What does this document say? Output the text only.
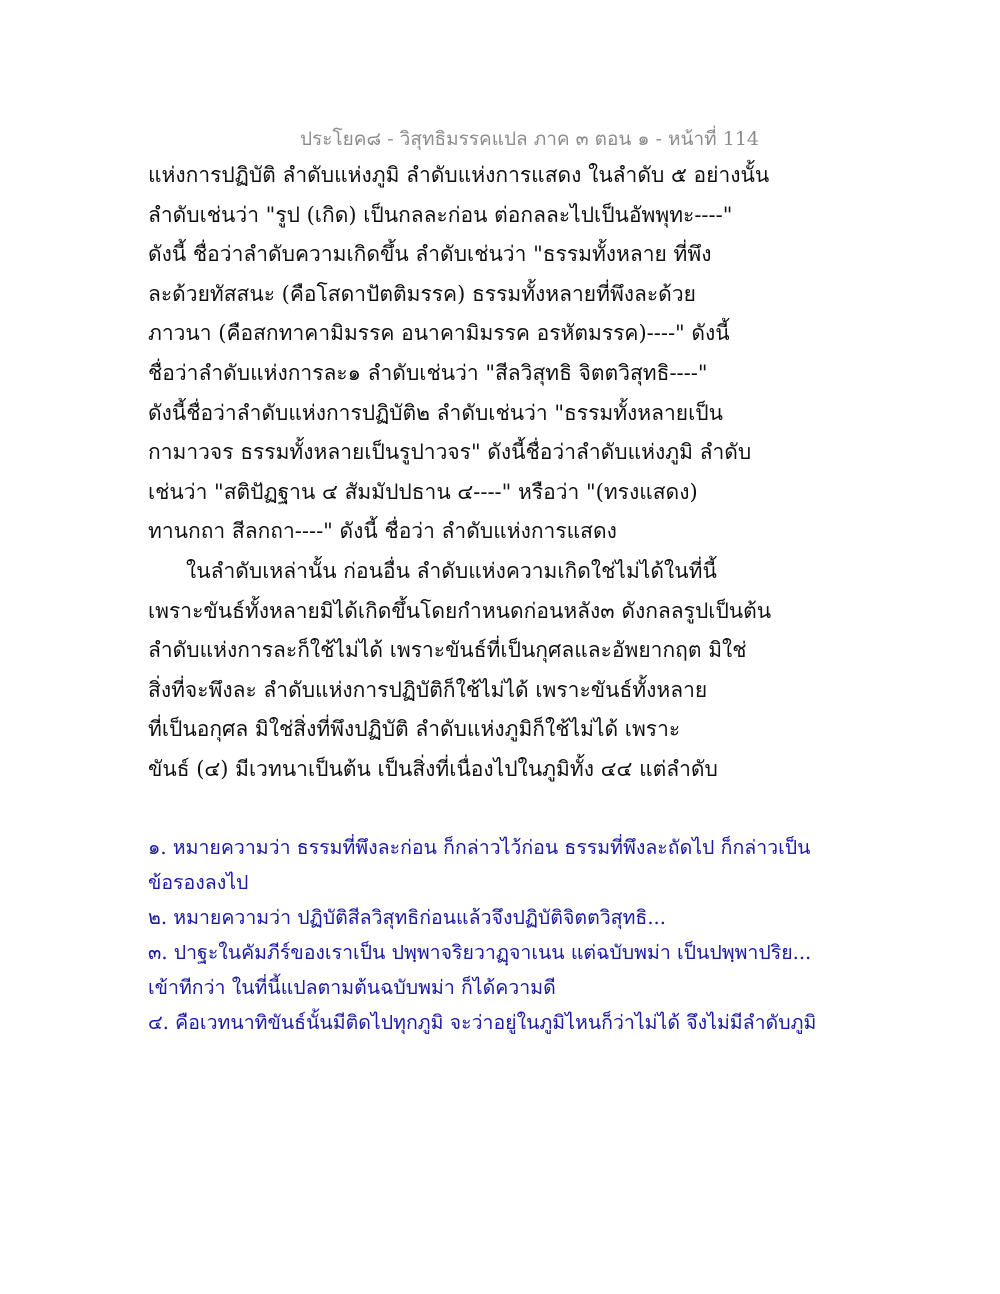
ประโยค๘ - วิสุทธิมรรคแปล ภาค ๓ ตอน ๑ - หน้าที่ 114
แห่งการปฏิบัติ ลำดับแห่งภูมิ ลำดับแห่งการแสดง ในลำดับ ๕ อย่างนั้น
ลำดับเช่นว่า "รูป (เกิด) เป็นกลละก่อน ต่อกลละไปเป็นอัพพุทะ----"
ดังนี้ ชื่อว่าลำดับความเกิดขึ้น ลำดับเช่นว่า "ธรรมทั้งหลาย ที่พึง
ละด้วยทัสสนะ (คือโสดาปัตติมรรค) ธรรมทั้งหลายที่พึงละด้วย
ภาวนา (คือสกทาคามิมรรค อนาคามิมรรค อรหัตมรรค)----" ดังนี้
ชื่อว่าลำดับแห่งการละ๑ ลำดับเช่นว่า "สีลวิสุทธิ จิตตวิสุทธิ----"
ดังนี้ชื่อว่าลำดับแห่งการปฏิบัติ๒ ลำดับเช่นว่า "ธรรมทั้งหลายเป็น
กามาวจร ธรรมทั้งหลายเป็นรูปาวจร" ดังนี้ชื่อว่าลำดับแห่งภูมิ ลำดับ
เช่นว่า "สติปัฏฐาน ๔ สัมมัปปธาน ๔----" หรือว่า "(ทรงแสดง)
ทานกถา สีลกถา----" ดังนี้ ชื่อว่า ลำดับแห่งการแสดง
ในลำดับเหล่านั้น ก่อนอื่น ลำดับแห่งความเกิดใช่ไม่ได้ในที่นี้
เพราะขันธ์ทั้งหลายมิได้เกิดขึ้นโดยกำหนดก่อนหลัง๓ ดังกลลรูปเป็นต้น
ลำดับแห่งการละก็ใช้ไม่ได้ เพราะขันธ์ที่เป็นกุศลและอัพยากฤต มิใช่
สิ่งที่จะพึงละ ลำดับแห่งการปฏิบัติก็ใช้ไม่ได้ เพราะขันธ์ทั้งหลาย
ที่เป็นอกุศล มิใช่สิ่งที่พึงปฏิบัติ ลำดับแห่งภูมิก็ใช้ไม่ได้ เพราะ
ขันธ์ (๔) มีเวทนาเป็นต้น เป็นสิ่งที่เนื่องไปในภูมิทั้ง ๔๔ แต่ลำดับ
๑. หมายความว่า ธรรมที่พึงละก่อน ก็กล่าวไว้ก่อน ธรรมที่พึงละถัดไป ก็กล่าวเป็น
ข้อรองลงไป
๒. หมายความว่า ปฏิบัติสีลวิสุทธิก่อนแล้วจึงปฏิบัติจิตตวิสุทธิ...
๓. ปาฐะในคัมภีร์ของเราเป็น ปพฺพาจริยวาฏฺจาเนน แต่ฉบับพม่า เป็นปพฺพาปริย...
เข้าทีกว่า ในที่นี้แปลตามต้นฉบับพม่า ก็ได้ความดี
๔. คือเวทนาทิขันธ์นั้นมีติดไปทุกภูมิ จะว่าอยู่ในภูมิไหนก็ว่าไม่ได้ จึงไม่มีลำดับภูมิ
